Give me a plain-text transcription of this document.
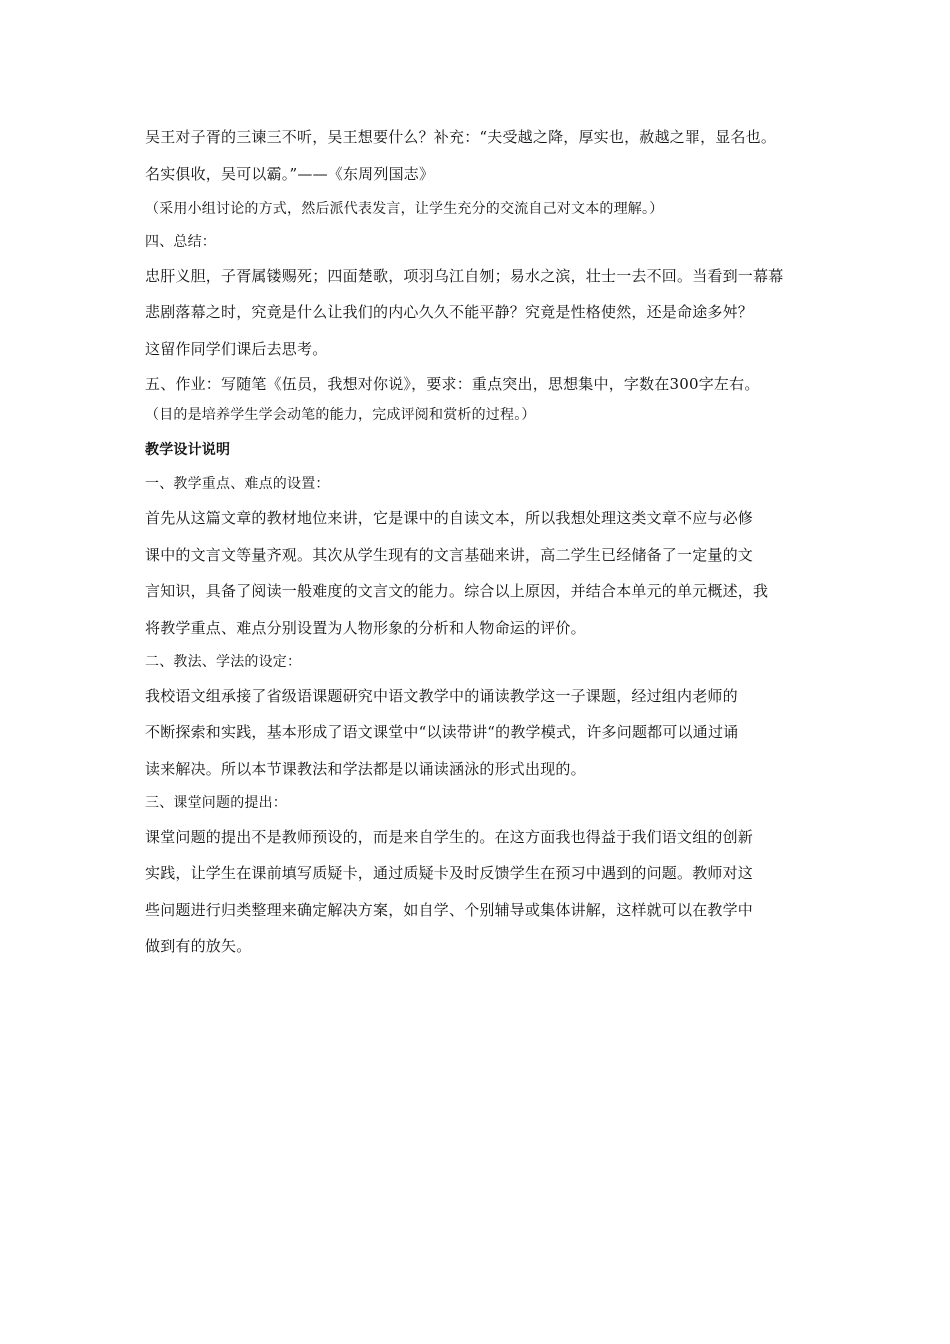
吴王对子胥的三谏三不听，吴王想要什么？补充：“夫受越之降，厚实也，赦越之罪，显名也。
名实俱收，吴可以霸。”——《东周列国志》
（采用小组讨论的方式，然后派代表发言，让学生充分的交流自己对文本的理解。）
四、总结：
忠肝义胆，子胥属镂赐死；四面楚歌，项羽乌江自刎；易水之滨，壮士一去不回。当看到一幕幕
悲剧落幕之时，究竟是什么让我们的内心久久不能平静？究竟是性格使然，还是命途多舛？
这留作同学们课后去思考。
五、作业：写随笔《伍员，我想对你说》，要求：重点突出，思想集中，字数在300字左右。
（目的是培养学生学会动笔的能力，完成评阅和赏析的过程。）
教学设计说明
一、教学重点、难点的设置：
首先从这篇文章的教材地位来讲，它是课中的自读文本，所以我想处理这类文章不应与必修
课中的文言文等量齐观。其次从学生现有的文言基础来讲，高二学生已经储备了一定量的文
言知识，具备了阅读一般难度的文言文的能力。综合以上原因，并结合本单元的单元概述，我
将教学重点、难点分别设置为人物形象的分析和人物命运的评价。
二、教法、学法的设定：
我校语文组承接了省级语课题研究中语文教学中的诵读教学这一子课题，经过组内老师的
不断探索和实践，基本形成了语文课堂中“以读带讲“的教学模式，许多问题都可以通过诵
读来解决。所以本节课教法和学法都是以诵读涵泳的形式出现的。
三、课堂问题的提出：
课堂问题的提出不是教师预设的，而是来自学生的。在这方面我也得益于我们语文组的创新
实践，让学生在课前填写质疑卡，通过质疑卡及时反馈学生在预习中遇到的问题。教师对这
些问题进行归类整理来确定解决方案，如自学、个别辅导或集体讲解，这样就可以在教学中
做到有的放矢。
